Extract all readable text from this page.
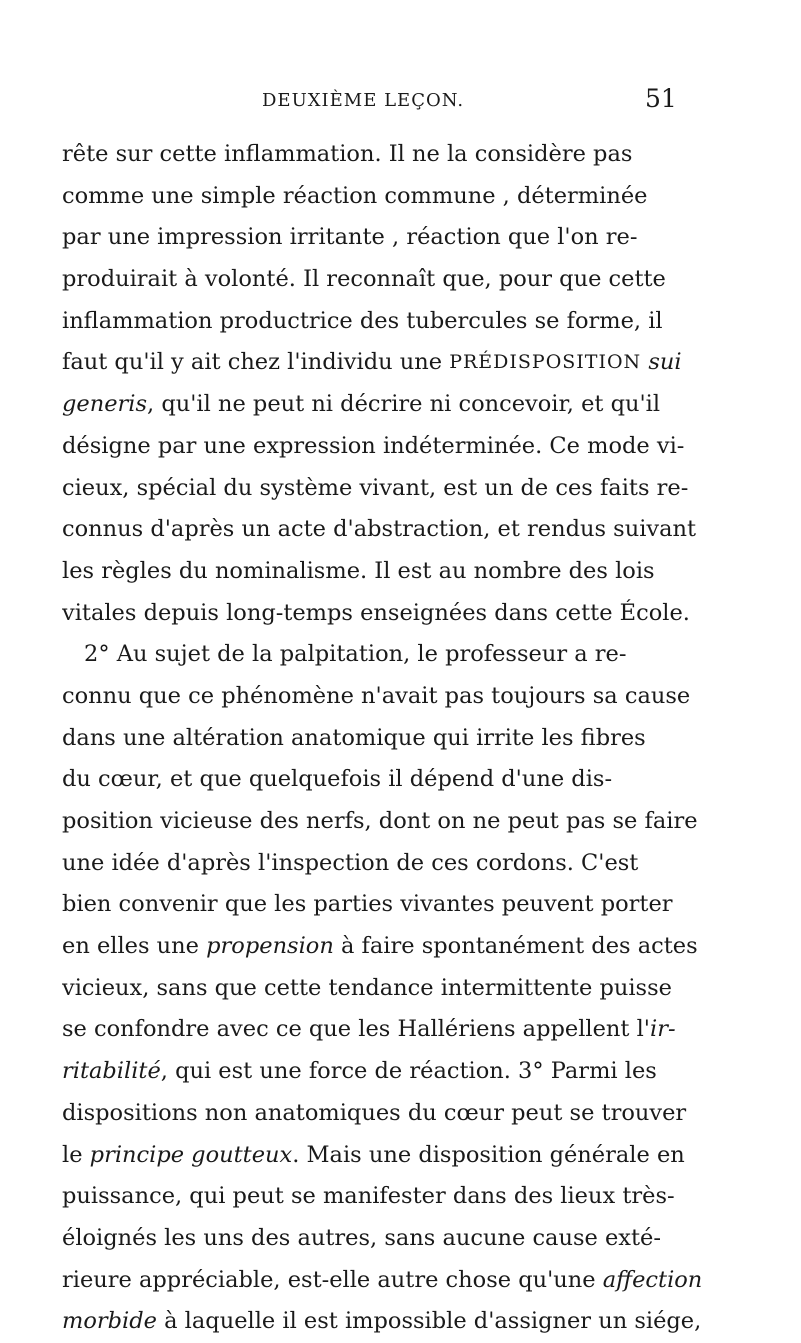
DEUXIÈME LEÇON.	51
rête sur cette inflammation. Il ne la considère pas
comme une simple réaction commune , déterminée
par une impression irritante , réaction que l'on re-
produirait à volonté. Il reconnaît que, pour que cette
inflammation productrice des tubercules se forme, il
faut qu'il y ait chez l'individu une PRÉDISPOSITION
sui
generis , qu'il ne peut ni décrire ni concevoir, et qu'il
désigne par une expression indéterminée. Ce mode vi-
cieux, spécial du système vivant, est un de ces faits re-
connus d'après un acte d'abstraction, et rendus suivant
les règles du nominalisme. Il est au nombre des lois
vitales depuis long-temps enseignées dans cette École.
2° Au sujet de la palpitation, le professeur a re-
connu que ce phénomène n'avait pas toujours sa cause
dans une altération anatomique qui irrite les fibres
du cœur, et que quelquefois il dépend d'une dis-
position vicieuse des nerfs, dont on ne peut pas se faire
une idée d'après l'inspection de ces cordons. C'est
bien convenir que les parties vivantes peuvent porter
en elles une propension à faire spontanément des actes
vicieux, sans que cette tendance intermittente puisse
se confondre avec ce que les Hallériens appellent l' ir-
ritabilité , qui est une force de réaction. 3° Parmi les
dispositions non anatomiques du cœur peut se trouver
le principe goutteux . Mais une disposition générale en
puissance, qui peut se manifester dans des lieux très-
éloignés les uns des autres, sans aucune cause exté-
rieure appréciable, est-elle autre chose qu'une affection
morbide à laquelle il est impossible d'assigner un siége,
